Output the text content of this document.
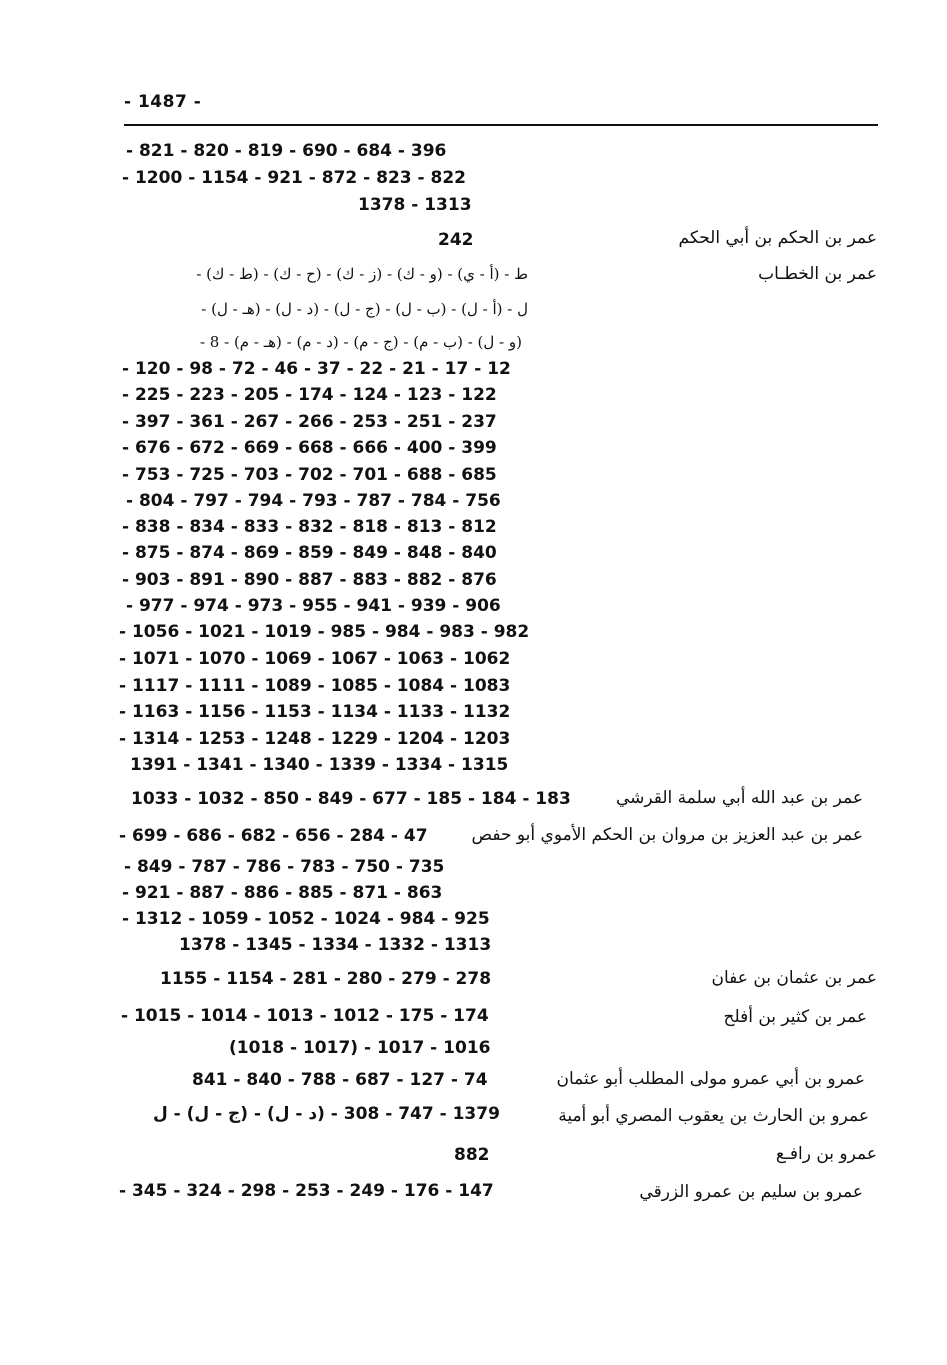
- 1487 -
- 821 - 820 - 819 - 690 - 684 - 396
- 1200 - 1154 - 921 - 872 - 823 - 822
1378 - 1313
عمر بن الحكم بن أبي الحكم
242
عمر بن الخطـاب
ط - (أ - ي) - (و - ك) - (ز - ك) - (ح - ك) - (ط - ك) -
ل - (أ - ل) - (ب - ل) - (ج - ل) - (د - ل) - (هـ - ل) -
(و - ل) - (ب - م) - (ج - م) - (د - م) - (هـ - م) - 8 -
- 120 - 98 - 72 - 46 - 37 - 22 - 21 - 17 - 12
- 225 - 223 - 205 - 174 - 124 - 123 - 122
- 397 - 361 - 267 - 266 - 253 - 251 - 237
- 676 - 672 - 669 - 668 - 666 - 400 - 399
- 753 - 725 - 703 - 702 - 701 - 688 - 685
- 804 - 797 - 794 - 793 - 787 - 784 - 756
- 838 - 834 - 833 - 832 - 818 - 813 - 812
- 875 - 874 - 869 - 859 - 849 - 848 - 840
- 903 - 891 - 890 - 887 - 883 - 882 - 876
- 977 - 974 - 973 - 955 - 941 - 939 - 906
- 1056 - 1021 - 1019 - 985 - 984 - 983 - 982
- 1071 - 1070 - 1069 - 1067 - 1063 - 1062
- 1117 - 1111 - 1089 - 1085 - 1084 - 1083
- 1163 - 1156 - 1153 - 1134 - 1133 - 1132
- 1314 - 1253 - 1248 - 1229 - 1204 - 1203
1391 - 1341 - 1340 - 1339 - 1334 - 1315
عمر بن عبد الله أبي سلمة القرشي
1033 - 1032 - 850 - 849 - 677 - 185 - 184 - 183
عمر بن عبد العزيز بن مروان بن الحكم الأموي أبو حفص
- 699 - 686 - 682 - 656 - 284 - 47
- 849 - 787 - 786 - 783 - 750 - 735
- 921 - 887 - 886 - 885 - 871 - 863
- 1312 - 1059 - 1052 - 1024 - 984 - 925
1378 - 1345 - 1334 - 1332 - 1313
عمر بن عثمان بن عفان
1155 - 1154 - 281 - 280 - 279 - 278
عمر بن كثير بن أفلح
- 1015 - 1014 - 1013 - 1012 - 175 - 174
(1018 - 1017) - 1017 - 1016
عمرو بن أبي عمرو مولى المطلب أبو عثمان
841 - 840 - 788 - 687 - 127 - 74
عمرو بن الحارث بن يعقوب المصري أبو أمية
1379 - 747 - 308 - (د - ل) - (ج - ل) - ل
عمرو بن رافـع
882
عمرو بن سليم بن عمرو الزرقي
- 345 - 324 - 298 - 253 - 249 - 176 - 147
